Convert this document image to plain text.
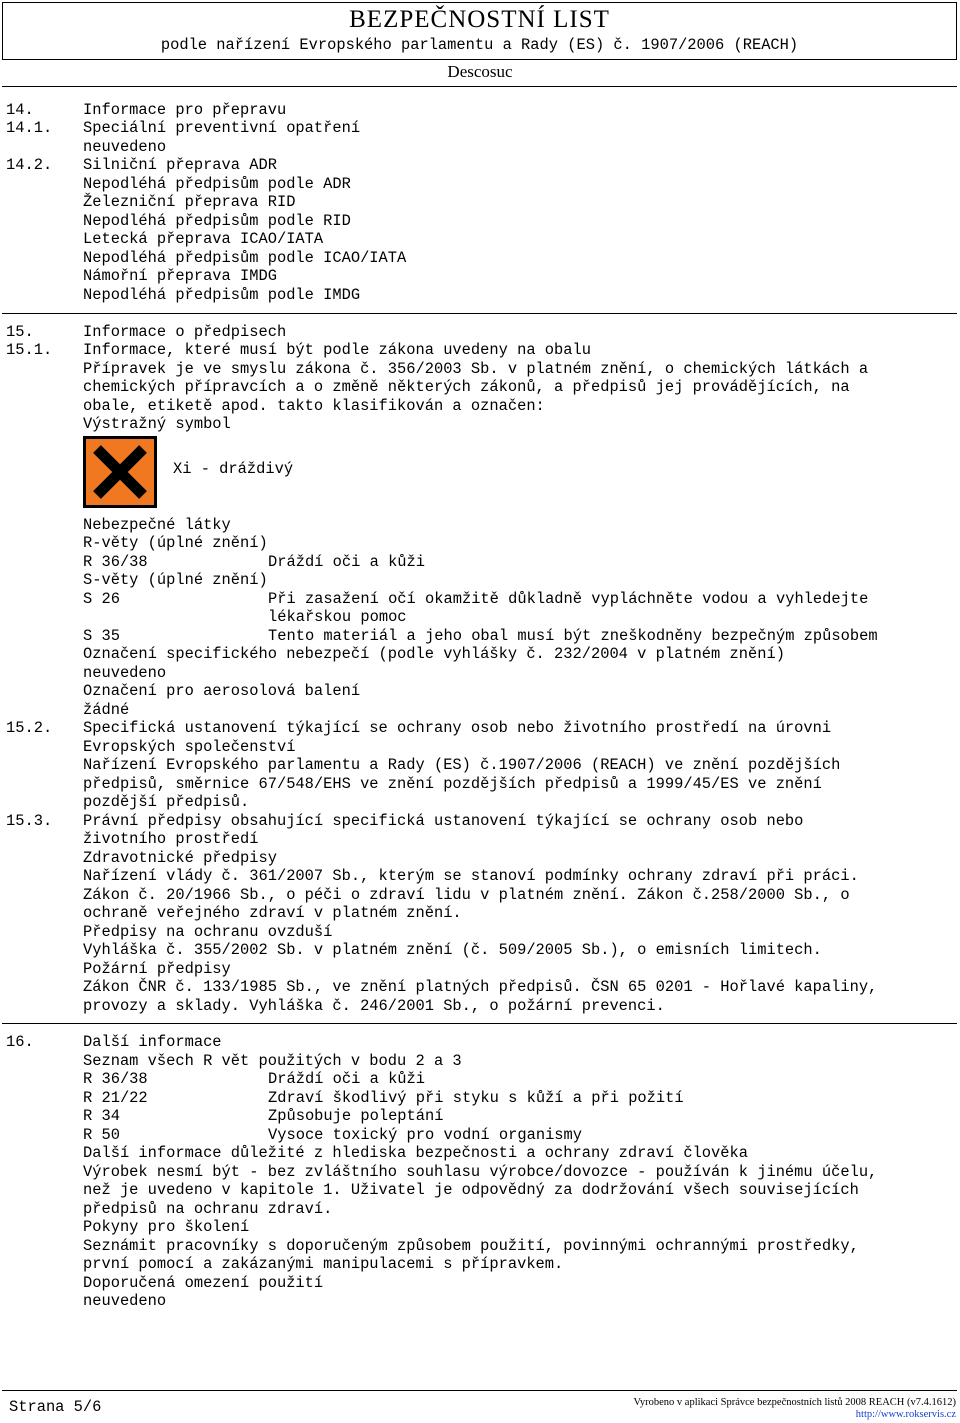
BEZPEČNOSTNÍ LIST
podle nařízení Evropského parlamentu a Rady (ES) č. 1907/2006 (REACH)
Descosuc
14.	Informace pro přepravu
14.1. Speciální preventivní opatření
neuvedeno
14.2. Silniční přeprava ADR
Nepodléhá předpisům podle ADR
Železniční přeprava RID
Nepodléhá předpisům podle RID
Letecká přeprava ICAO/IATA
Nepodléhá předpisům podle ICAO/IATA
Námořní přeprava IMDG
Nepodléhá předpisům podle IMDG
15.	Informace o předpisech
15.1. Informace, které musí být podle zákona uvedeny na obalu
Přípravek je ve smyslu zákona č. 356/2003 Sb. v platném znění, o chemických látkách a
chemických přípravcích a o změně některých zákonů, a předpisů jej provádějících, na
obale, etiketě apod. takto klasifikován a označen:
Výstražný symbol
Xi - dráždivý
Nebezpečné látky
R-věty (úplné znění)
R 36/38	Dráždí oči a kůži
S-věty (úplné znění)
S 26	Při zasažení očí okamžitě důkladně vypláchněte vodou a vyhledejte
lékařskou pomoc
S 35	Tento materiál a jeho obal musí být zneškodněny bezpečným způsobem
Označení specifického nebezpečí (podle vyhlášky č. 232/2004 v platném znění)
neuvedeno
Označení pro aerosolová balení
žádné
15.2. Specifická ustanovení týkající se ochrany osob nebo životního prostředí na úrovni
Evropských společenství
Nařízení Evropského parlamentu a Rady (ES) č.1907/2006 (REACH) ve znění pozdějších
předpisů, směrnice 67/548/EHS ve znění pozdějších předpisů a 1999/45/ES ve znění
pozdější předpisů.
15.3. Právní předpisy obsahující specifická ustanovení týkající se ochrany osob nebo
životního prostředí
Zdravotnické předpisy
Nařízení vlády č. 361/2007 Sb., kterým se stanoví podmínky ochrany zdraví při práci.
Zákon č. 20/1966 Sb., o péči o zdraví lidu v platném znění. Zákon č.258/2000 Sb., o
ochraně veřejného zdraví v platném znění.
Předpisy na ochranu ovzduší
Vyhláška č. 355/2002 Sb. v platném znění (č. 509/2005 Sb.), o emisních limitech.
Požární předpisy
Zákon ČNR č. 133/1985 Sb., ve znění platných předpisů. ČSN 65 0201 - Hořlavé kapaliny,
provozy a sklady. Vyhláška č. 246/2001 Sb., o požární prevenci.
16.	Další informace
Seznam všech R vět použitých v bodu 2 a 3
R 36/38	Dráždí oči a kůži
R 21/22	Zdraví škodlivý při styku s kůží a při požití
R 34	Způsobuje poleptání
R 50	Vysoce toxický pro vodní organismy
Další informace důležité z hlediska bezpečnosti a ochrany zdraví člověka
Výrobek nesmí být - bez zvláštního souhlasu výrobce/dovozce - používán k jinému účelu,
než je uvedeno v kapitole 1. Uživatel je odpovědný za dodržování všech souvisejících
předpisů na ochranu zdraví.
Pokyny pro školení
Seznámit pracovníky s doporučeným způsobem použití, povinnými ochrannými prostředky,
první pomocí a zakázanými manipulacemi s přípravkem.
Doporučená omezení použití
neuvedeno
Strana 5/6	Vyrobeno v aplikaci Správce bezpečnostních listů 2008 REACH (v7.4.1612)
http://www.rokservis.cz
